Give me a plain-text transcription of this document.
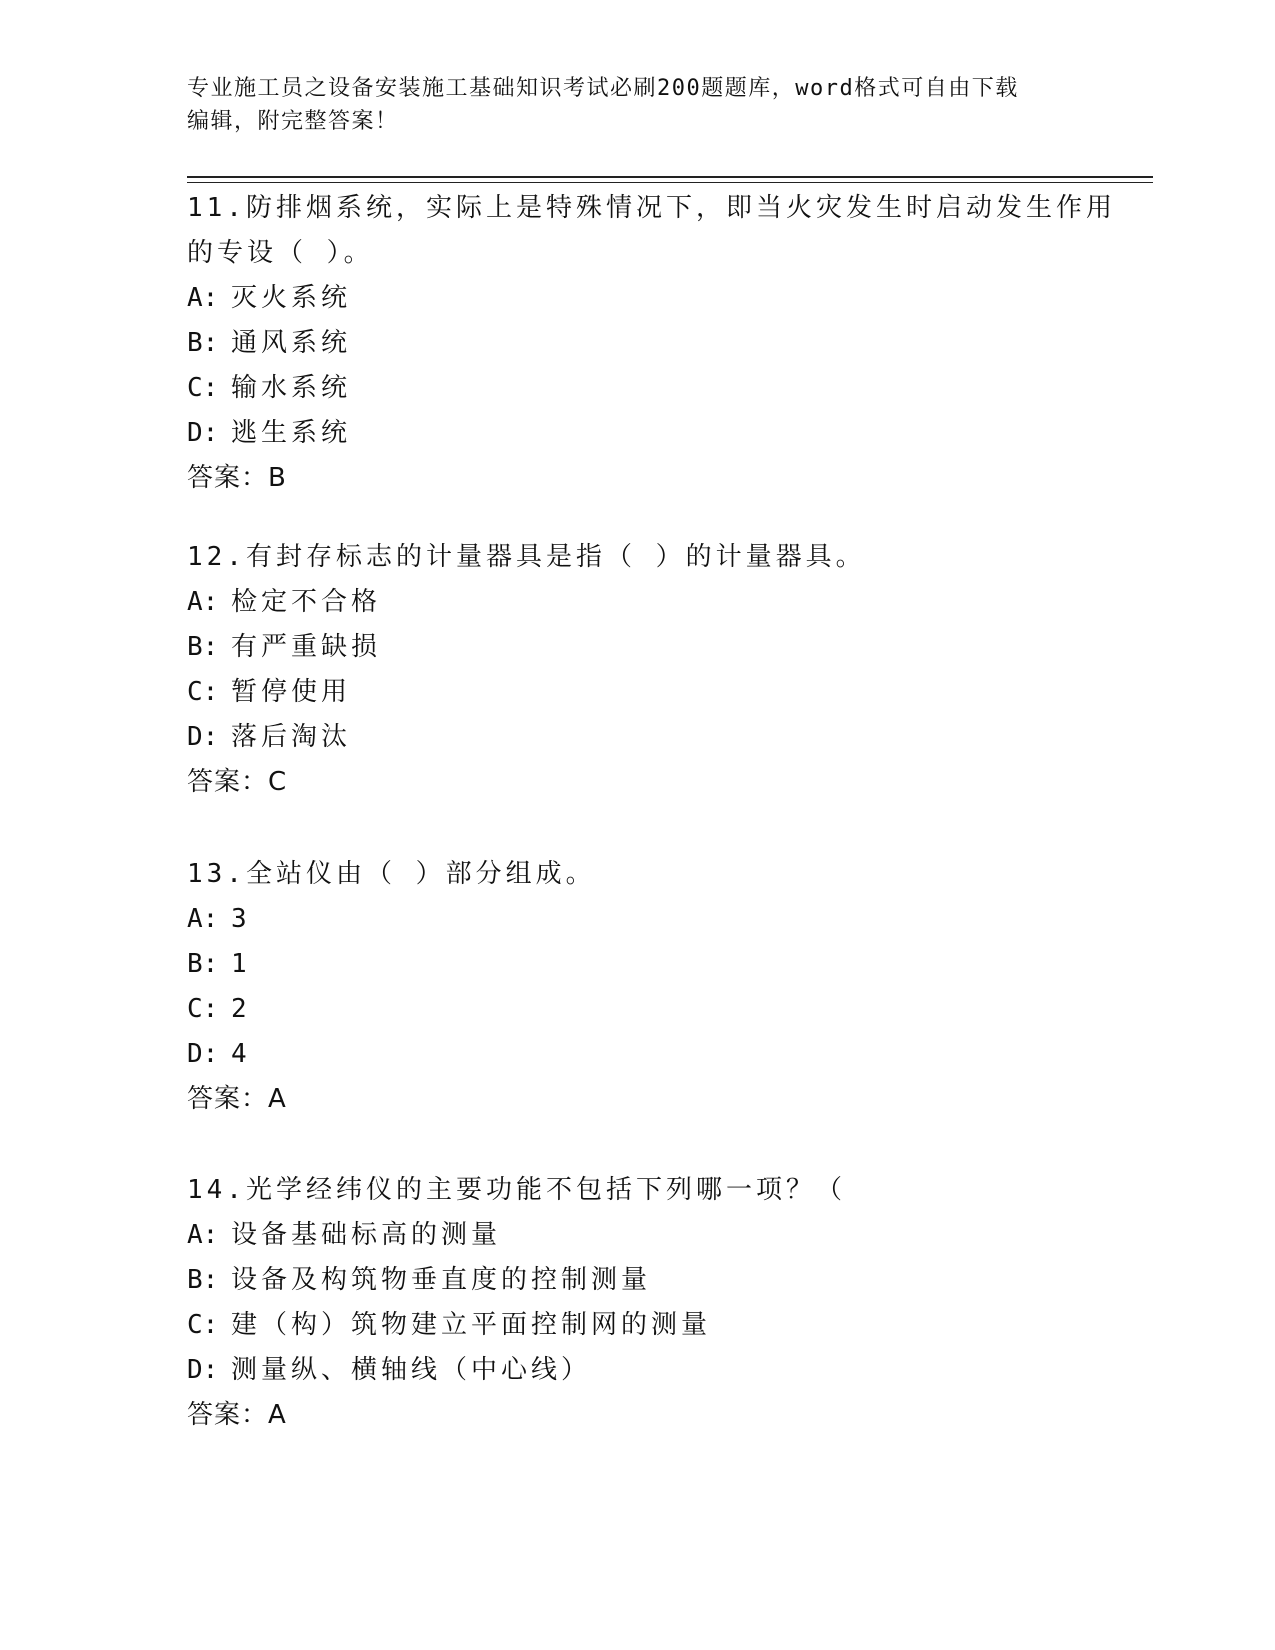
专业施工员之设备安装施工基础知识考试必刷200题题库，word格式可自由下载
编辑，附完整答案！
11.防排烟系统，实际上是特殊情况下，即当火灾发生时启动发生作用
的专设（ ）。
A: 灭火系统
B: 通风系统
C: 输水系统
D: 逃生系统
答案：B
12.有封存标志的计量器具是指（ ）的计量器具。
A: 检定不合格
B: 有严重缺损
C: 暂停使用
D: 落后淘汰
答案：C
13.全站仪由（ ）部分组成。
A: 3
B: 1
C: 2
D: 4
答案：A
14.光学经纬仪的主要功能不包括下列哪一项？（
A: 设备基础标高的测量
B: 设备及构筑物垂直度的控制测量
C: 建（构）筑物建立平面控制网的测量
D: 测量纵、横轴线（中心线）
答案：A
